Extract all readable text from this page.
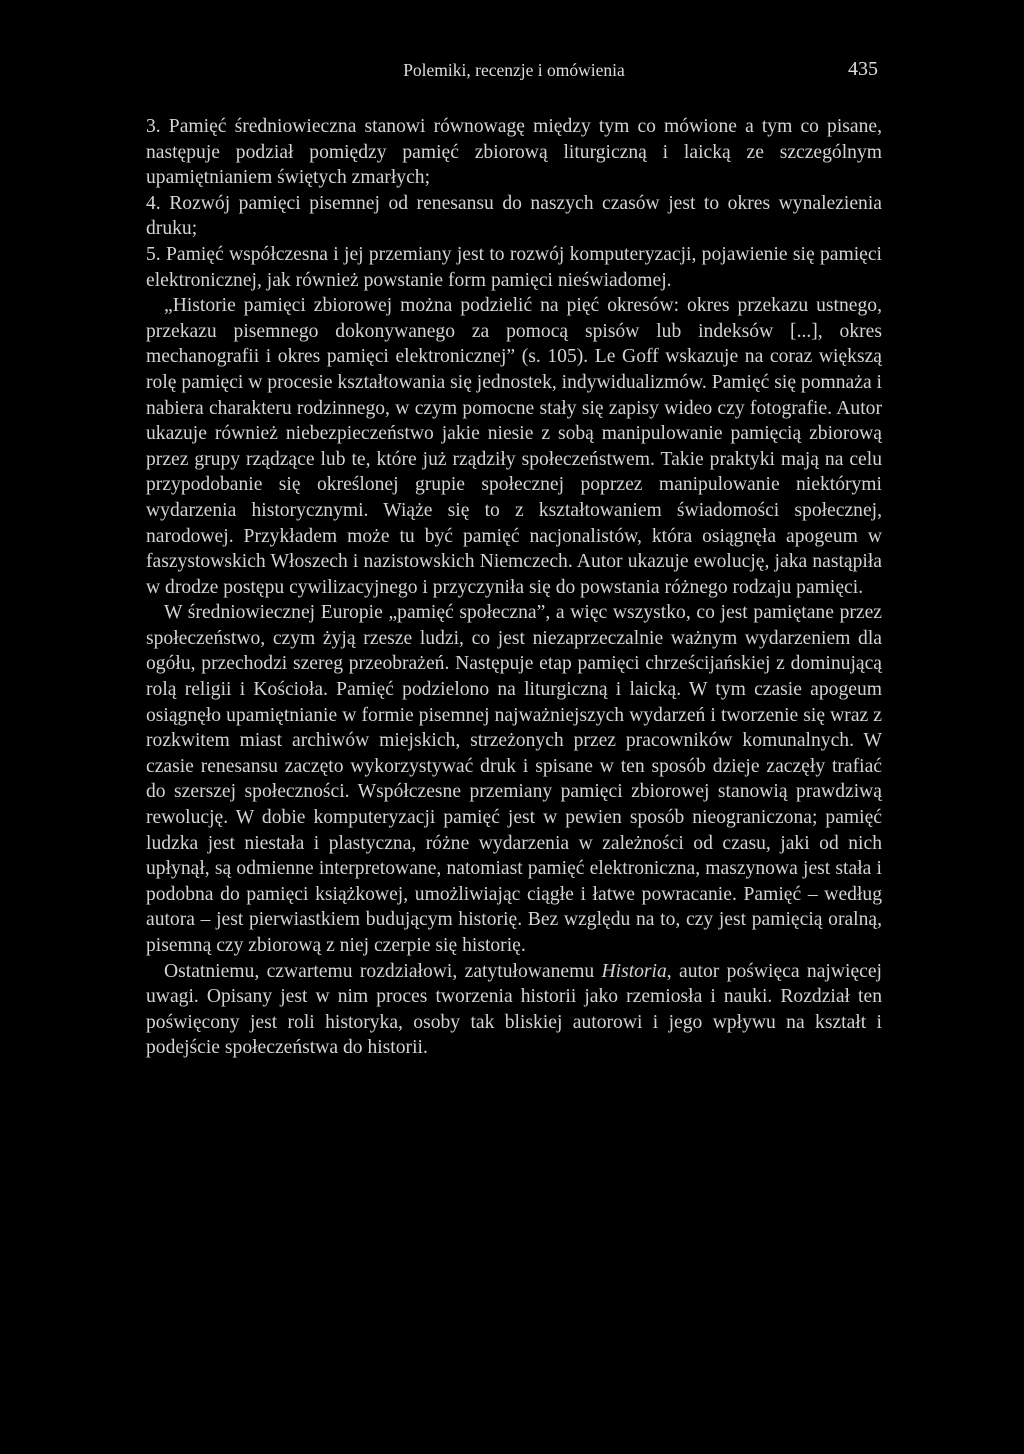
Polemiki, recenzje i omówienia	435

3. Pamięć średniowieczna stanowi równowagę między tym co mówione a tym co pisane, następuje podział pomiędzy pamięć zbiorową liturgiczną i laicką ze szczególnym upamiętnianiem świętych zmarłych;

4. Rozwój pamięci pisemnej od renesansu do naszych czasów jest to okres wynalezienia druku;

5. Pamięć współczesna i jej przemiany jest to rozwój komputeryzacji, pojawienie się pamięci elektronicznej, jak również powstanie form pamięci nieświadomej.

„Historie pamięci zbiorowej można podzielić na pięć okresów: okres przekazu ustnego, przekazu pisemnego dokonywanego za pomocą spisów lub indeksów [...], okres mechanografii i okres pamięci elektronicznej” (s. 105). Le Goff wskazuje na coraz większą rolę pamięci w procesie kształtowania się jednostek, indywidualizmów. Pamięć się pomnaża i nabiera charakteru rodzinnego, w czym pomocne stały się zapisy wideo czy fotografie. Autor ukazuje również niebezpieczeństwo jakie niesie z sobą manipulowanie pamięcią zbiorową przez grupy rządzące lub te, które już rządziły społeczeństwem. Takie praktyki mają na celu przypodobanie się określonej grupie społecznej poprzez manipulowanie niektórymi wydarzenia historycznymi. Wiąże się to z kształtowaniem świadomości społecznej, narodowej. Przykładem może tu być pamięć nacjonalistów, która osiągnęła apogeum w faszystowskich Włoszech i nazistowskich Niemczech. Autor ukazuje ewolucję, jaka nastąpiła w drodze postępu cywilizacyjnego i przyczyniła się do powstania różnego rodzaju pamięci.

W średniowiecznej Europie „pamięć społeczna”, a więc wszystko, co jest pamiętane przez społeczeństwo, czym żyją rzesze ludzi, co jest niezaprzeczalnie ważnym wydarzeniem dla ogółu, przechodzi szereg przeobrażeń. Następuje etap pamięci chrześcijańskiej z dominującą rolą religii i Kościoła. Pamięć podzielono na liturgiczną i laicką. W tym czasie apogeum osiągnęło upamiętnianie w formie pisemnej najważniejszych wydarzeń i tworzenie się wraz z rozkwitem miast archiwów miejskich, strzeżonych przez pracowników komunalnych. W czasie renesansu zaczęto wykorzystywać druk i spisane w ten sposób dzieje zaczęły trafiać do szerszej społeczności. Współczesne przemiany pamięci zbiorowej stanowią prawdziwą rewolucję. W dobie komputeryzacji pamięć jest w pewien sposób nieograniczona; pamięć ludzka jest niestała i plastyczna, różne wydarzenia w zależności od czasu, jaki od nich upłynął, są odmienne interpretowane, natomiast pamięć elektroniczna, maszynowa jest stała i podobna do pamięci książkowej, umożliwiając ciągłe i łatwe powracanie. Pamięć – według autora – jest pierwiastkiem budującym historię. Bez względu na to, czy jest pamięcią oralną, pisemną czy zbiorową z niej czerpie się historię.

Ostatniemu, czwartemu rozdziałowi, zatytułowanemu Historia, autor poświęca najwięcej uwagi. Opisany jest w nim proces tworzenia historii jako rzemiosła i nauki. Rozdział ten poświęcony jest roli historyka, osoby tak bliskiej autorowi i jego wpływu na kształt i podejście społeczeństwa do historii.
